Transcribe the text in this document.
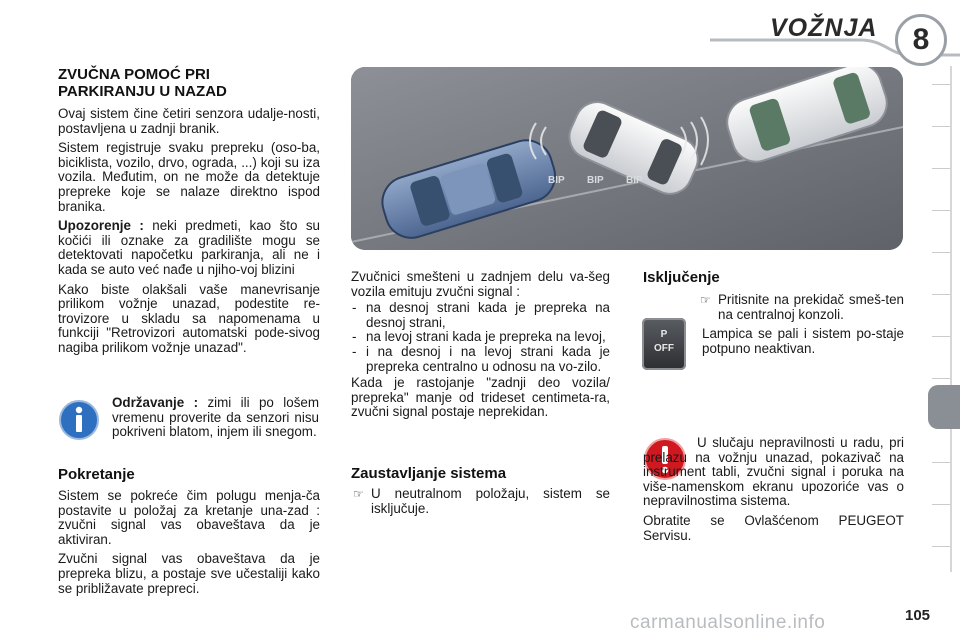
VOŽNJA	8
ZVUČNA POMOĆ PRI
PARKIRANJU U NAZAD

Ovaj sistem čine četiri senzora udalje-nosti, postavljena u zadnji branik.

Sistem registruje svaku prepreku (oso-ba, biciklista, vozilo, drvo, ograda, ...) koji su iza vozila. Međutim, on ne može da detektuje prepreke koje se nalaze direktno ispod branika.

Upozorenje : neki predmeti, kao što su kočići ili oznake za gradilište mogu se detektovati napočetku parkiranja, ali ne i kada se auto već nađe u njiho-voj blizini

Kako biste olakšali vaše manevrisanje prilikom vožnje unazad, podestite re-trovizore u skladu sa napomenama u funkciji "Retrovizori automatski pode-sivog nagiba prilikom vožnje unazad".

Održavanje : zimi ili po lošem vremenu proverite da senzori nisu pokriveni blatom, injem ili snegom.

Pokretanje

Sistem se pokreće čim polugu menja-ča postavite u položaj za kretanje una-zad : zvučni signal vas obaveštava da je aktiviran.

Zvučni signal vas obaveštava da je prepreka blizu, a postaje sve učestaliji kako se približavate prepreci.

BIP BIP BIP

Zvučnici smešteni u zadnjem delu va-šeg vozila emituju zvučni signal :

- na desnoj strani kada je prepreka na desnoj strani,
- na levoj strani kada je prepreka na levoj,
- i na desnoj i na levoj strani kada je prepreka centralno u odnosu na vo-zilo.

Kada je rastojanje "zadnji deo vozila/ prepreka" manje od trideset centimeta-ra, zvučni signal postaje neprekidan.

Zaustavljanje sistema
☞ U neutralnom položaju, sistem se isključuje.
Isključenje
P
OFF
☞ Pritisnite na prekidač smeš-ten na centralnoj konzoli.

Lampica se pali i sistem po-staje potpuno neaktivan.

U slučaju nepravilnosti u radu, pri prelazu na vožnju unazad, pokazivač na instrument tabli, zvučni signal i poruka na više-namenskom ekranu upozoriće vas o nepravilnostima sistema.

Obratite se Ovlašćenom PEUGEOT Servisu.

carmanualsonline.info	105
